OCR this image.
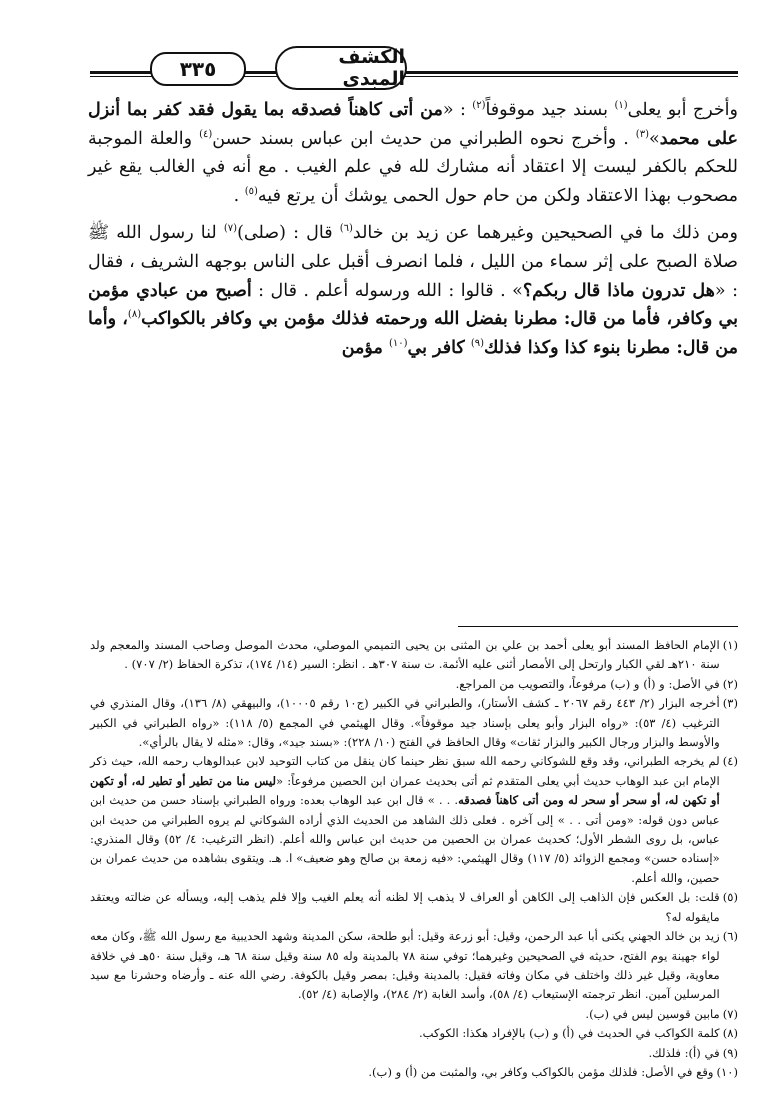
الكشف المبدي
٣٣٥

وأخرج أبو يعلى$^{(١)}$ بسند جيد موقوفاً$^{(٢)}$ : «من أتى كاهناً فصدقه بما يقول فقد كفر بما أنزل على محمد»$^{(٣)}$ . وأخرج نحوه الطبراني من حديث ابن عباس بسند حسن$^{(٤)}$ والعلة الموجبة للحكم بالكفر ليست إلا اعتقاد أنه مشارك لله في علم الغيب . مع أنه في الغالب يقع غير مصحوب بهذا الاعتقاد ولكن من حام حول الحمى يوشك أن يرتع فيه$^{(٥)}$ .

ومن ذلك ما في الصحيحين وغيرهما عن زيد بن خالد$^{(٦)}$ قال : (صلى)$^{(٧)}$ لنا رسول الله ﷺ صلاة الصبح على إثر سماء من الليل ، فلما انصرف أقبل على الناس بوجهه الشريف ، فقال : «هل تدرون ماذا قال ربكم؟» . قالوا : الله ورسوله أعلم . قال : أصبح من عبادي مؤمن بي وكافر، فأما من قال: مطرنا بفضل الله ورحمته فذلك مؤمن بي وكافر بالكواكب$^{(٨)}$، وأما من قال: مطرنا بنوء كذا وكذا فذلك$^{(٩)}$ كافر بي$^{(١٠)}$ مؤمن

(١)
الإمام الحافظ المسند أبو يعلى أحمد بن علي بن المثنى بن يحيى التميمي الموصلي، محدث الموصل وصاحب المسند والمعجم ولد سنة ٢١٠هـ لقي الكبار وارتحل إلى الأمصار أثنى عليه الأئمة. ت سنة ٣٠٧هـ . انظر: السير (١٤/ ١٧٤)، تذكرة الحفاظ (٢/ ٧٠٧) .
(٢)
في الأصل: و (أ) و (ب) مرفوعاً، والتصويب من المراجع.
(٣)
أخرجه البزار (٢/ ٤٤٣ رقم ٢٠٦٧ ـ كشف الأستار)، والطبراني في الكبير (ج١٠ رقم ١٠٠٠٥)، والبيهقي (٨/ ١٣٦)، وقال المنذري في الترغيب (٤/ ٥٣): «رواه البزار وأبو يعلى بإسناد جيد موقوفاً». وقال الهيثمي في المجمع (٥/ ١١٨): «رواه الطبراني في الكبير والأوسط والبزار ورجال الكبير والبزار ثقات» وقال الحافظ في الفتح (١٠/ ٢٢٨): «بسند جيد»، وقال: «مثله لا يقال بالرأي».
(٤)
لم يخرجه الطبراني، وقد وقع للشوكاني رحمه الله سبق نظر حينما كان ينقل من كتاب التوحيد لابن عبدالوهاب رحمه الله، حيث ذكر الإمام ابن عبد الوهاب حديث أبي يعلى المتقدم ثم أتى بحديث عمران ابن الحصين مرفوعاً: «ليس منا من تطير أو تطير له، أو تكهن أو تكهن له، أو سحر أو سحر له ومن أتى كاهناً فصدقه. . . » قال ابن عبد الوهاب بعده: ورواه الطبراني بإسناد حسن من حديث ابن عباس دون قوله: «ومن أتى . . » إلى آخره . فعلى ذلك الشاهد من الحديث الذي أراده الشوكاني لم يروه الطبراني من حديث ابن عباس، بل روى الشطر الأول؛ كحديث عمران بن الحصين من حديث ابن عباس والله أعلم. (انظر الترغيب: ٤/ ٥٢) وقال المنذري: «إسناده حسن» ومجمع الزوائد (٥/ ١١٧) وقال الهيثمي: «فيه زمعة بن صالح وهو ضعيف» ا. هـ. ويتقوى بشاهده من حديث عمران بن حصين، والله أعلم.
(٥)
قلت: بل العكس فإن الذاهب إلى الكاهن أو العراف لا يذهب إلا لظنه أنه يعلم الغيب وإلا فلم يذهب إليه، ويسأله عن ضالته ويعتقد مايقوله له؟
(٦)
زيد بن خالد الجهني يكنى أبا عبد الرحمن، وقيل: أبو زرعة وقيل: أبو طلحة، سكن المدينة وشهد الحديبية مع رسول الله ﷺ، وكان معه لواء جهينة يوم الفتح، حديثه في الصحيحين وغيرهما؛ توفي سنة ٧٨ بالمدينة وله ٨٥ سنة وقيل سنة ٦٨ هـ، وقيل سنة ٥٠هـ في خلافة معاوية، وقيل غير ذلك واختلف في مكان وفاته فقيل: بالمدينة وقيل: بمصر وقيل بالكوفة. رضي الله عنه ـ وأرضاه وحشرنا مع سيد المرسلين آمين. انظر ترجمته الإستيعاب (٤/ ٥٨)، وأسد الغابة (٢/ ٢٨٤)، والإصابة (٤/ ٥٢).
(٧)
مابين قوسين ليس في (ب).
(٨)
كلمة الكواكب في الحديث في (أ) و (ب) بالإفراد هكذا: الكوكب.
(٩)
في (أ): فلذلك.
(١٠)
وقع في الأصل: فلذلك مؤمن بالكواكب وكافر بي، والمثبت من (أ) و (ب).
